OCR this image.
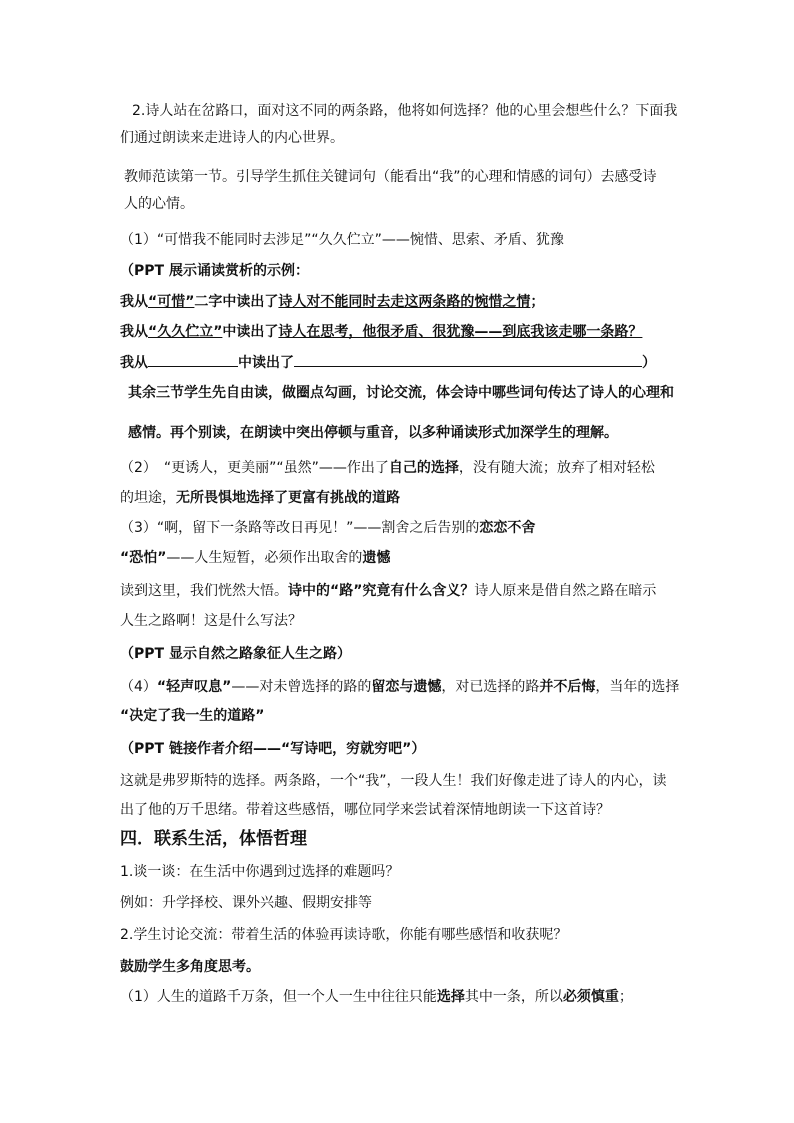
2.诗人站在岔路口，面对这不同的两条路，他将如何选择？他的心里会想些什么？下面我
们通过朗读来走进诗人的内心世界。
教师范读第一节。引导学生抓住关键词句（能看出“我”的心理和情感的词句）去感受诗
人的心情。
（1）“可惜我不能同时去涉足”“久久伫立”——惋惜、思索、矛盾、犹豫
（PPT 展示诵读赏析的示例：
我从“可惜”二字中读出了诗人对不能同时去走这两条路的惋惜之情；
我从“久久伫立”中读出了诗人在思考，他很矛盾、很犹豫——到底我该走哪一条路？
我从	中读出了	）
其余三节学生先自由读，做圈点勾画，讨论交流，体会诗中哪些词句传达了诗人的心理和
感情。再个别读，在朗读中突出停顿与重音，以多种诵读形式加深学生的理解。
（2）　“更诱人，更美丽”“虽然”——作出了自己的选择，没有随大流；放弃了相对轻松
的坦途，无所畏惧地选择了更富有挑战的道路
（3）“啊，留下一条路等改日再见！”——割舍之后告别的恋恋不舍
“恐怕”——人生短暂，必须作出取舍的遗憾
读到这里，我们恍然大悟。诗中的“路”究竟有什么含义？诗人原来是借自然之路在暗示
人生之路啊！这是什么写法？
（PPT 显示自然之路象征人生之路）
（4）“轻声叹息”——对未曾选择的路的留恋与遗憾，对已选择的路并不后悔，当年的选择
“决定了我一生的道路”
（PPT 链接作者介绍——“写诗吧，穷就穷吧”）
这就是弗罗斯特的选择。两条路，一个“我”，一段人生！我们好像走进了诗人的内心，读
出了他的万千思绪。带着这些感悟，哪位同学来尝试着深情地朗读一下这首诗？
四．联系生活，体悟哲理
1.谈一谈：在生活中你遇到过选择的难题吗？
例如：升学择校、课外兴趣、假期安排等
2.学生讨论交流：带着生活的体验再读诗歌，你能有哪些感悟和收获呢？
鼓励学生多角度思考。
（1）人生的道路千万条，但一个人一生中往往只能选择其中一条，所以必须慎重；
